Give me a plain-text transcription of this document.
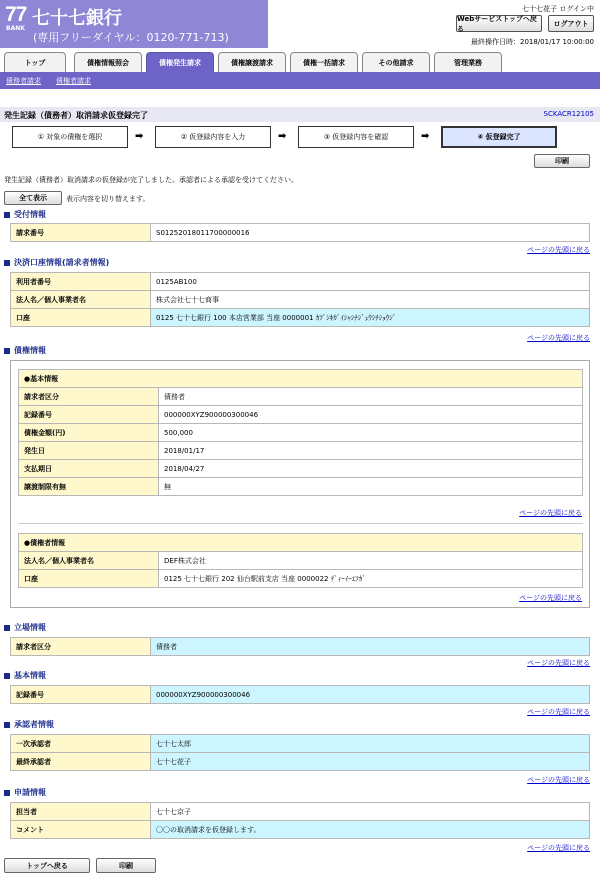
77
BANK 七十七銀行
(専用フリーダイヤル：0120-771-713)
七十七花子 ログイン中
Webサービストップへ戻る
ログアウト
最終操作日時：2018/01/17 10:00:00
トップ	債権情報照会	債権発生請求	債権譲渡請求	債権一括請求	その他請求	管理業務
債務者請求 債権者請求
発生記録（債務者）取消請求仮登録完了	SCKACR12105
① 対象の債権を選択	➡	② 仮登録内容を入力	➡	③ 仮登録内容を確認	➡	④ 仮登録完了
印刷
発生記録（債務者）取消請求の仮登録が完了しました。承認者による承認を受けてください。
全て表示	表示内容を切り替えます。
受付情報
請求番号	S01252018011700000016
ページの先頭に戻る
決済口座情報(請求者情報)
利用者番号	0125AB100
法人名／個人事業者名	株式会社七十七商事
口座	0125 七十七銀行 100 本店営業部 当座 0000001 ｶﾌﾞｼｷｶﾞｲｼｬｼﾁｼﾞｭｳｼﾁｼｮｳｼﾞ
ページの先頭に戻る
債権情報
●基本情報	
請求者区分	債務者
記録番号	000000XYZ900000300046
債権金額(円)	500,000
発生日	2018/01/17
支払期日	2018/04/27
譲渡制限有無	無
ページの先頭に戻る
●債権者情報	
法人名／個人事業者名	DEF株式会社
口座	0125 七十七銀行 202 仙台駅前支店 当座 0000022 ﾃﾞｨｰｲｰｴﾌｶﾞ
ページの先頭に戻る
立場情報
請求者区分	債務者
ページの先頭に戻る
基本情報
記録番号	000000XYZ900000300046
ページの先頭に戻る
承認者情報
一次承認者	七十七太郎
最終承認者	七十七花子
ページの先頭に戻る
申請情報
担当者	七十七京子
コメント	〇〇の取消請求を仮登録します。
ページの先頭に戻る
トップへ戻る	印刷
